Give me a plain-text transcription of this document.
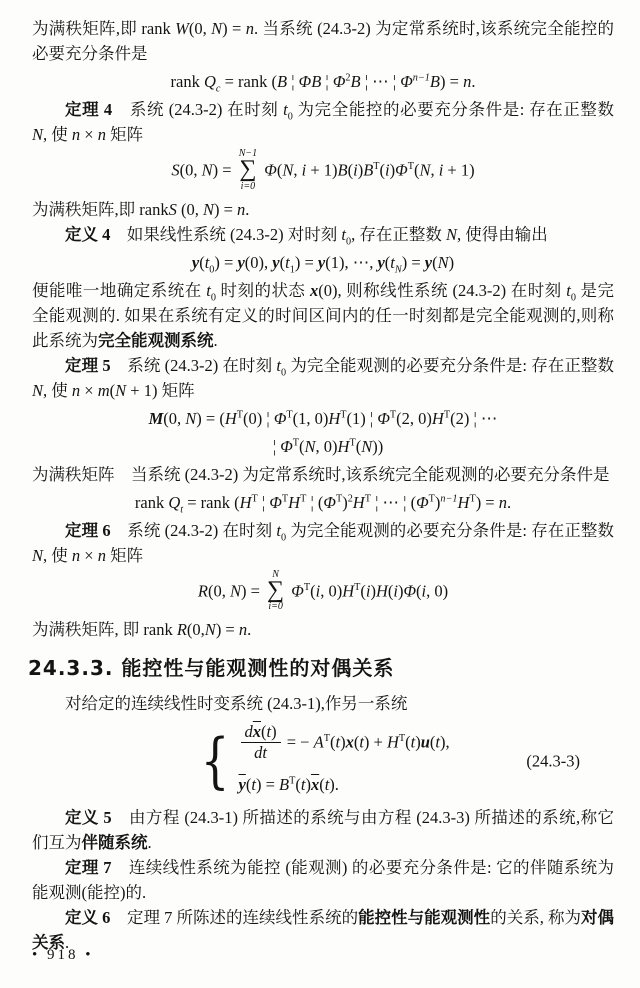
为满秩矩阵,即 rank W(0, N) = n. 当系统 (24.3-2) 为定常系统时,该系统完全能控的必要充分条件是
rank $Q_c$ = rank (B ¦ ΦB ¦ $\Phi^2B$ ¦ ⋯ ¦ $\Phi^{n-1}B) = n$.
定理 4　系统 (24.3-2) 在时刻 $t_0$ 为完全能控的必要充分条件是: 存在正整数 N, 使 n × n 矩阵
S(0, N) =
N−1
∑
i=0
Φ(N, $i + 1)B(i)B^T(i)\Phi^T(N$, i + 1)
为满秩矩阵,即 rankS (0, N) = n.
定义 4　如果线性系统 (24.3-2) 对时刻 $t_0$, 存在正整数 N, 使得由输出
$y(t_0) = y(0)$, $y(t_1) = y(1)$, ⋯, $y(t_N) = y(N)$
便能唯一地确定系统在 $t_0$ 时刻的状态 x(0), 则称线性系统 (24.3-2) 在时刻 $t_0$ 是完全能观测的. 如果在系统有定义的时间区间内的任一时刻都是完全能观测的,则称此系统为完全能观测系统.
定理 5　系统 (24.3-2) 在时刻 $t_0$ 为完全能观测的必要充分条件是: 存在正整数 N, 使 n × m(N + 1) 矩阵
M(0, $N) = (H^T(0)$ ¦ $\Phi^T(1$, $0)H^T(1)$ ¦ $\Phi^T(2$, $0)H^T(2)$ ¦ ⋯
¦ $\Phi^T(N$, $0)H^T(N)$)
为满秩矩阵　当系统 (24.3-2) 为定常系统时,该系统完全能观测的必要充分条件是
rank $Q_t$ = rank ($H^T$ ¦ $\Phi^TH^T$ ¦ $(\Phi^T)^2H^T$ ¦ ⋯ ¦ $(\Phi^T)^{n-1}H^T) = n$.
定理 6　系统 (24.3-2) 在时刻 $t_0$ 为完全能观测的必要充分条件是: 存在正整数 N, 使 n × n 矩阵
R(0, N) =
N
∑
i=0
$\Phi^T(i$, $0)H^T(i)H(i)\Phi(i$, 0)
为满秩矩阵, 即 rank R(0,N) = n.
24.3.3. 能控性与能观测性的对偶关系
对给定的连续线性时变系统 (24.3-1),作另一系统
{ $\frac{d\overline{x}(t)}{dt}$ = − $A^T(t)x(t) + H^T(t)u(t)$,
$\overline{y}(t) = B^T(t)\overline{x}(t)$.
(24.3-3)
定义 5　由方程 (24.3-1) 所描述的系统与由方程 (24.3-3) 所描述的系统,称它们互为伴随系统.
定理 7　连续线性系统为能控 (能观测) 的必要充分条件是: 它的伴随系统为能观测(能控)的.
定义 6　定理 7 所陈述的连续线性系统的能控性与能观测性的关系, 称为对偶关系.
• 918 •
